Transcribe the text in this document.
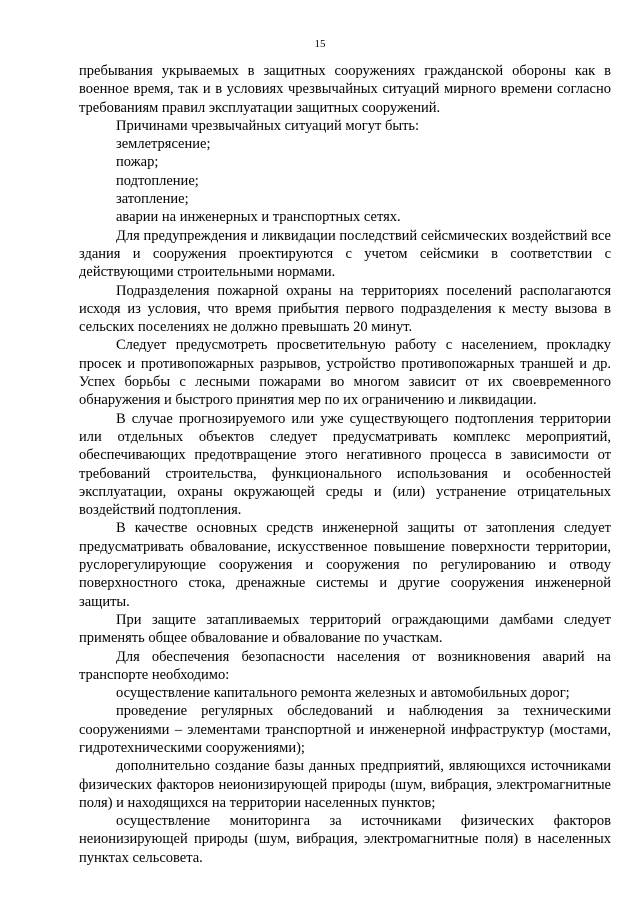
15

пребывания укрываемых в защитных сооружениях гражданской обороны как в военное время, так и в условиях чрезвычайных ситуаций мирного времени согласно требованиям правил эксплуатации защитных сооружений.

Причинами чрезвычайных ситуаций могут быть:

землетрясение;

пожар;

подтопление;

затопление;

аварии на инженерных и транспортных сетях.

Для предупреждения и ликвидации последствий сейсмических воздействий все здания и сооружения проектируются с учетом сейсмики в соответствии с действующими строительными нормами.

Подразделения пожарной охраны на территориях поселений располагаются исходя из условия, что время прибытия первого подразделения к месту вызова в сельских поселениях не должно превышать 20 минут.

Следует предусмотреть просветительную работу с населением, прокладку просек и противопожарных разрывов, устройство противопожарных траншей и др. Успех борьбы с лесными пожарами во многом зависит от их своевременного обнаружения и быстрого принятия мер по их ограничению и ликвидации.

В случае прогнозируемого или уже существующего подтопления территории или отдельных объектов следует предусматривать комплекс мероприятий, обеспечивающих предотвращение этого негативного процесса в зависимости от требований строительства, функционального использования и особенностей эксплуатации, охраны окружающей среды и (или) устранение отрицательных воздействий подтопления.

В качестве основных средств инженерной защиты от затопления следует предусматривать обвалование, искусственное повышение поверхности территории, руслорегулирующие сооружения и сооружения по регулированию и отводу поверхностного стока, дренажные системы и другие сооружения инженерной защиты.

При защите затапливаемых территорий ограждающими дамбами следует применять общее обвалование и обвалование по участкам.

Для обеспечения безопасности населения от возникновения аварий на транспорте необходимо:

осуществление капитального ремонта железных и автомобильных дорог;

проведение регулярных обследований и наблюдения за техническими сооружениями – элементами транспортной и инженерной инфраструктур (мостами, гидротехническими сооружениями);

дополнительно создание базы данных предприятий, являющихся источниками физических факторов неионизирующей природы (шум, вибрация, электромагнитные поля) и находящихся на территории населенных пунктов;

осуществление мониторинга за источниками физических факторов неионизирующей природы (шум, вибрация, электромагнитные поля) в населенных пунктах сельсовета.
